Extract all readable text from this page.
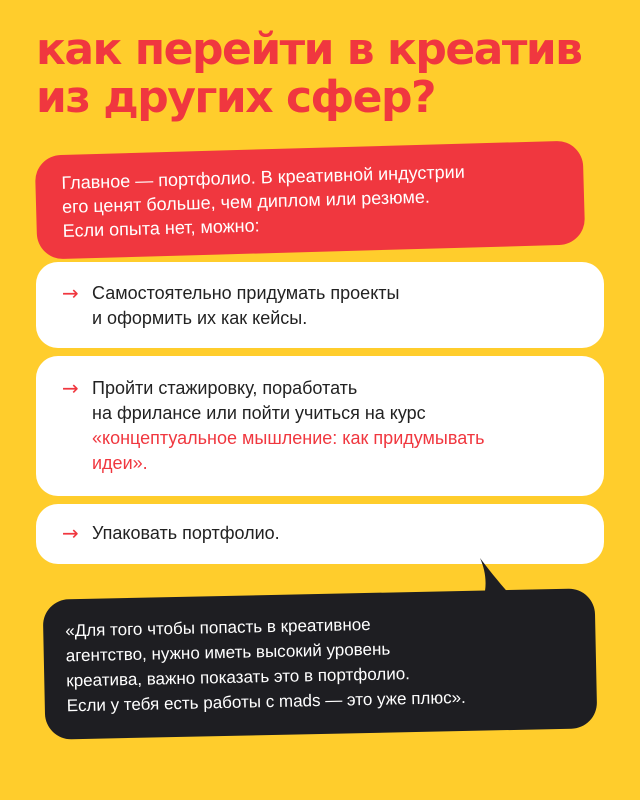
как перейти в креатив
из других сфер?
Главное — портфолио. В креативной индустрии
его ценят больше, чем диплом или резюме.
Если опыта нет, можно:
→ Самостоятельно придумать проекты
и оформить их как кейсы.
→ Пройти стажировку, поработать
на фрилансе или пойти учиться на курс
«концептуальное мышление: как придумывать
идеи».
→ Упаковать портфолио.
«Для того чтобы попасть в креативное
агентство, нужно иметь высокий уровень
креатива, важно показать это в портфолио.
Если у тебя есть работы с mads — это уже плюс».
